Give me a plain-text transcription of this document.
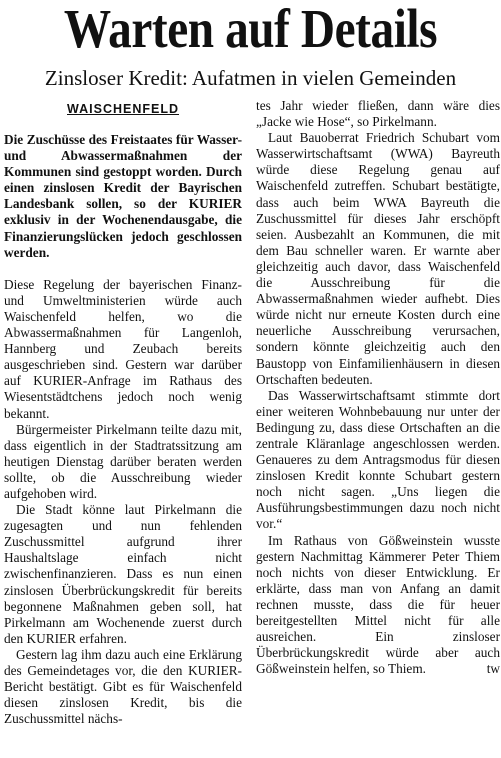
Warten auf Details
Zinsloser Kredit: Aufatmen in vielen Gemeinden
WAISCHENFELD

Die Zuschüsse des Freistaates für Wasser- und Abwassermaßnahmen der Kommunen sind gestoppt worden. Durch einen zinslosen Kredit der Bayrischen Landesbank sollen, so der KURIER exklusiv in der Wochenendausgabe, die Finanzierungslücken jedoch geschlossen werden.

Diese Regelung der bayerischen Finanz- und Umweltministerien würde auch Waischenfeld helfen, wo die Abwassermaßnahmen für Langenloh, Hannberg und Zeubach bereits ausgeschrieben sind. Gestern war darüber auf KURIER-Anfrage im Rathaus des Wiesentstädtchens jedoch noch wenig bekannt.

Bürgermeister Pirkelmann teilte dazu mit, dass eigentlich in der Stadtratssitzung am heutigen Dienstag darüber beraten werden sollte, ob die Ausschreibung wieder aufgehoben wird.

Die Stadt könne laut Pirkelmann die zugesagten und nun fehlenden Zuschussmittel aufgrund ihrer Haushaltslage einfach nicht zwischenfinanzieren. Dass es nun einen zinslosen Überbrückungskredit für bereits begonnene Maßnahmen geben soll, hat Pirkelmann am Wochenende zuerst durch den KURIER erfahren.

Gestern lag ihm dazu auch eine Erklärung des Gemeindetages vor, die den KURIER-Bericht bestätigt. Gibt es für Waischenfeld diesen zinslosen Kredit, bis die Zuschussmittel nächs-

tes Jahr wieder fließen, dann wäre dies „Jacke wie Hose“, so Pirkelmann.

Laut Bauoberrat Friedrich Schubart vom Wasserwirtschaftsamt (WWA) Bayreuth würde diese Regelung genau auf Waischenfeld zutreffen. Schubart bestätigte, dass auch beim WWA Bayreuth die Zuschussmittel für dieses Jahr erschöpft seien. Ausbezahlt an Kommunen, die mit dem Bau schneller waren. Er warnte aber gleichzeitig auch davor, dass Waischenfeld die Ausschreibung für die Abwassermaßnahmen wieder aufhebt. Dies würde nicht nur erneute Kosten durch eine neuerliche Ausschreibung verursachen, sondern könnte gleichzeitig auch den Baustopp von Einfamilienhäusern in diesen Ortschaften bedeuten.

Das Wasserwirtschaftsamt stimmte dort einer weiteren Wohnbebauung nur unter der Bedingung zu, dass diese Ortschaften an die zentrale Kläranlage angeschlossen werden. Genaueres zu dem Antragsmodus für diesen zinslosen Kredit konnte Schubart gestern noch nicht sagen. „Uns liegen die Ausführungsbestimmungen dazu noch nicht vor.“

Im Rathaus von Gößweinstein wusste gestern Nachmittag Kämmerer Peter Thiem noch nichts von dieser Entwicklung. Er erklärte, dass man von Anfang an damit rechnen musste, dass die für heuer bereitgestellten Mittel nicht für alle ausreichen. Ein zinsloser Überbrückungskredit würde aber auch Gößweinstein helfen, so Thiem.	tw
